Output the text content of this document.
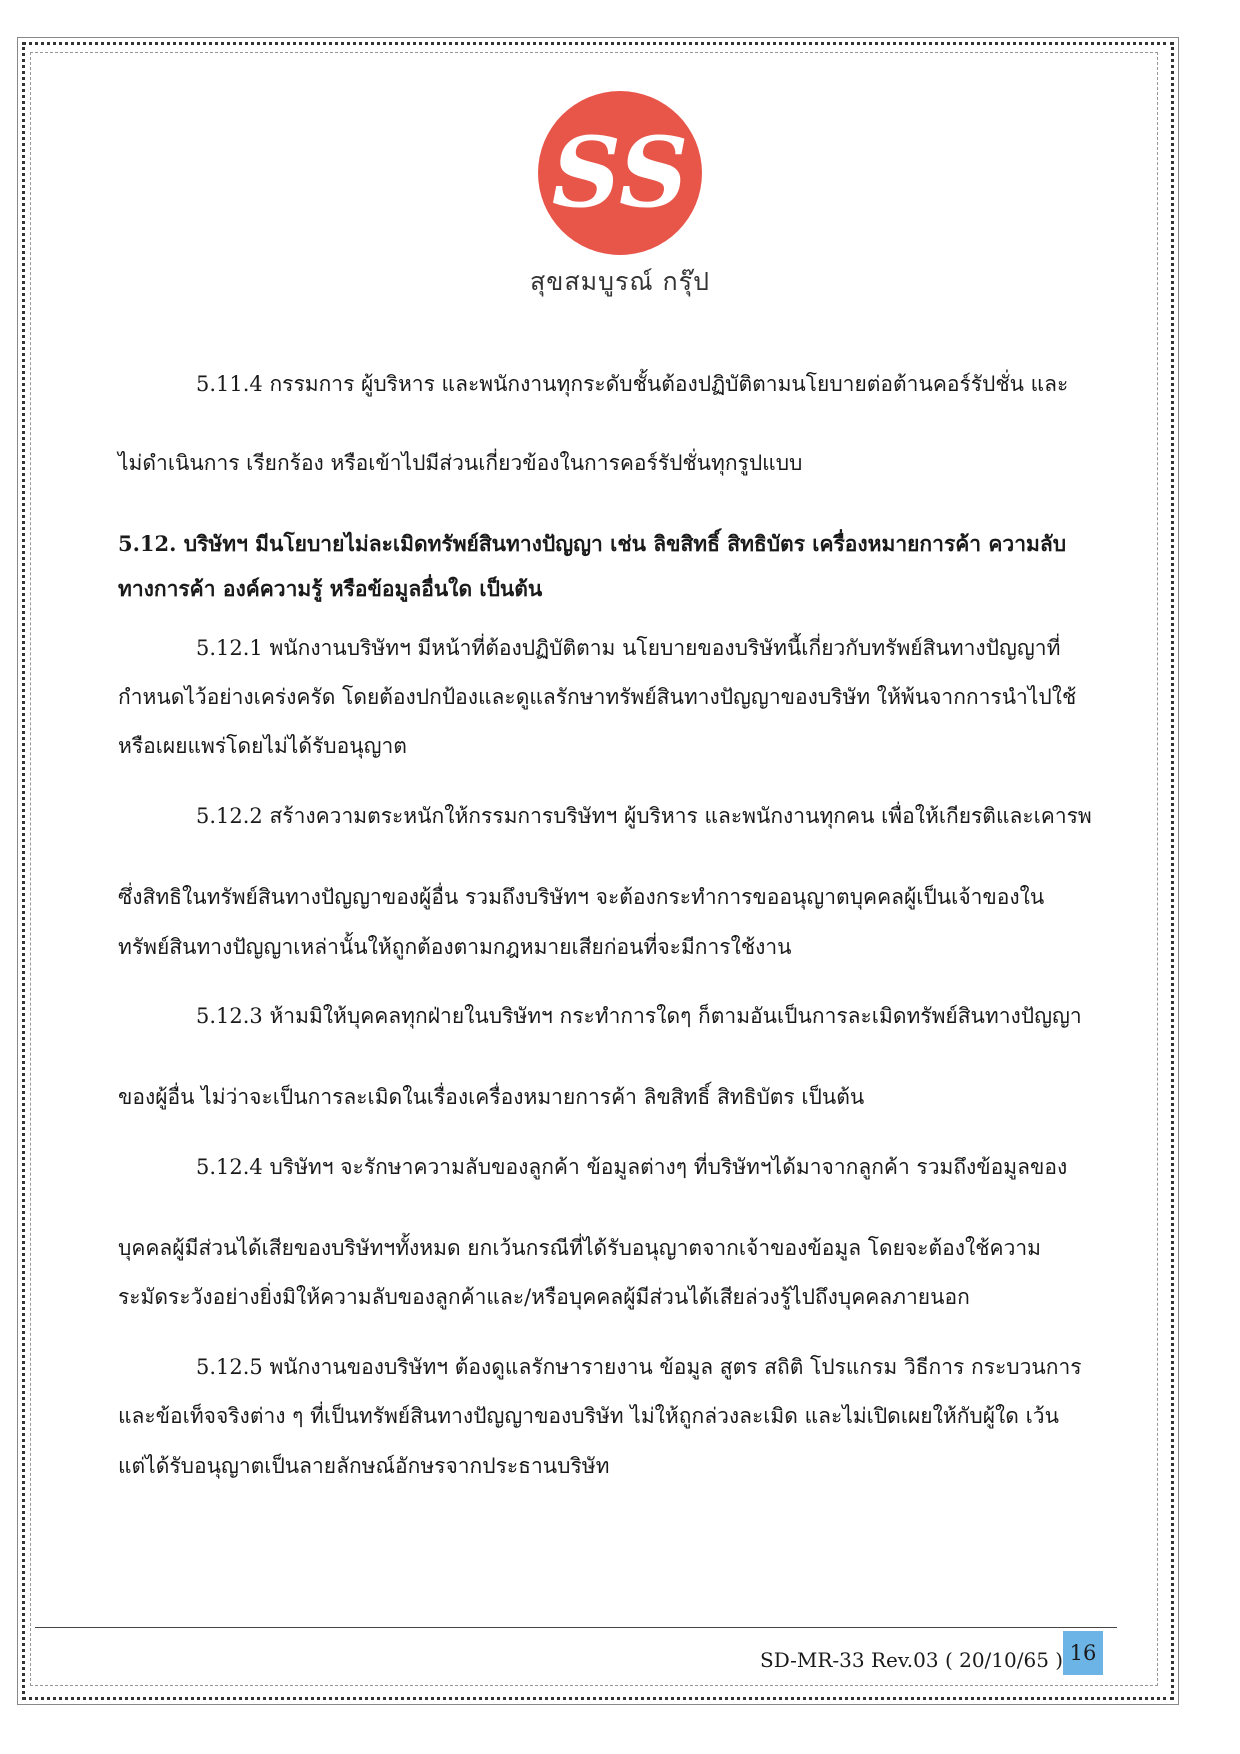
SS
สุขสมบูรณ์ กรุ๊ป
5.11.4 กรรมการ ผู้บริหาร และพนักงานทุกระดับชั้นต้องปฏิบัติตามนโยบายต่อต้านคอร์รัปชั่น และ
ไม่ดำเนินการ เรียกร้อง หรือเข้าไปมีส่วนเกี่ยวข้องในการคอร์รัปชั่นทุกรูปแบบ
5.12. บริษัทฯ มีนโยบายไม่ละเมิดทรัพย์สินทางปัญญา เช่น ลิขสิทธิ์ สิทธิบัตร เครื่องหมายการค้า ความลับ
ทางการค้า องค์ความรู้ หรือข้อมูลอื่นใด เป็นต้น
5.12.1 พนักงานบริษัทฯ มีหน้าที่ต้องปฏิบัติตาม นโยบายของบริษัทนี้เกี่ยวกับทรัพย์สินทางปัญญาที่
กำหนดไว้อย่างเคร่งครัด โดยต้องปกป้องและดูแลรักษาทรัพย์สินทางปัญญาของบริษัท ให้พ้นจากการนำไปใช้
หรือเผยแพร่โดยไม่ได้รับอนุญาต
5.12.2 สร้างความตระหนักให้กรรมการบริษัทฯ ผู้บริหาร และพนักงานทุกคน เพื่อให้เกียรติและเคารพ
ซึ่งสิทธิในทรัพย์สินทางปัญญาของผู้อื่น รวมถึงบริษัทฯ จะต้องกระทำการขออนุญาตบุคคลผู้เป็นเจ้าของใน
ทรัพย์สินทางปัญญาเหล่านั้นให้ถูกต้องตามกฎหมายเสียก่อนที่จะมีการใช้งาน
5.12.3 ห้ามมิให้บุคคลทุกฝ่ายในบริษัทฯ กระทำการใดๆ ก็ตามอันเป็นการละเมิดทรัพย์สินทางปัญญา
ของผู้อื่น ไม่ว่าจะเป็นการละเมิดในเรื่องเครื่องหมายการค้า ลิขสิทธิ์ สิทธิบัตร เป็นต้น
5.12.4 บริษัทฯ จะรักษาความลับของลูกค้า ข้อมูลต่างๆ ที่บริษัทฯได้มาจากลูกค้า รวมถึงข้อมูลของ
บุคคลผู้มีส่วนได้เสียของบริษัทฯทั้งหมด ยกเว้นกรณีที่ได้รับอนุญาตจากเจ้าของข้อมูล โดยจะต้องใช้ความ
ระมัดระวังอย่างยิ่งมิให้ความลับของลูกค้าและ/หรือบุคคลผู้มีส่วนได้เสียล่วงรู้ไปถึงบุคคลภายนอก
5.12.5 พนักงานของบริษัทฯ ต้องดูแลรักษารายงาน ข้อมูล สูตร สถิติ โปรแกรม วิธีการ กระบวนการ
และข้อเท็จจริงต่าง ๆ ที่เป็นทรัพย์สินทางปัญญาของบริษัท ไม่ให้ถูกล่วงละเมิด และไม่เปิดเผยให้กับผู้ใด เว้น
แต่ได้รับอนุญาตเป็นลายลักษณ์อักษรจากประธานบริษัท
SD-MR-33 Rev.03 ( 20/10/65 ) 16
